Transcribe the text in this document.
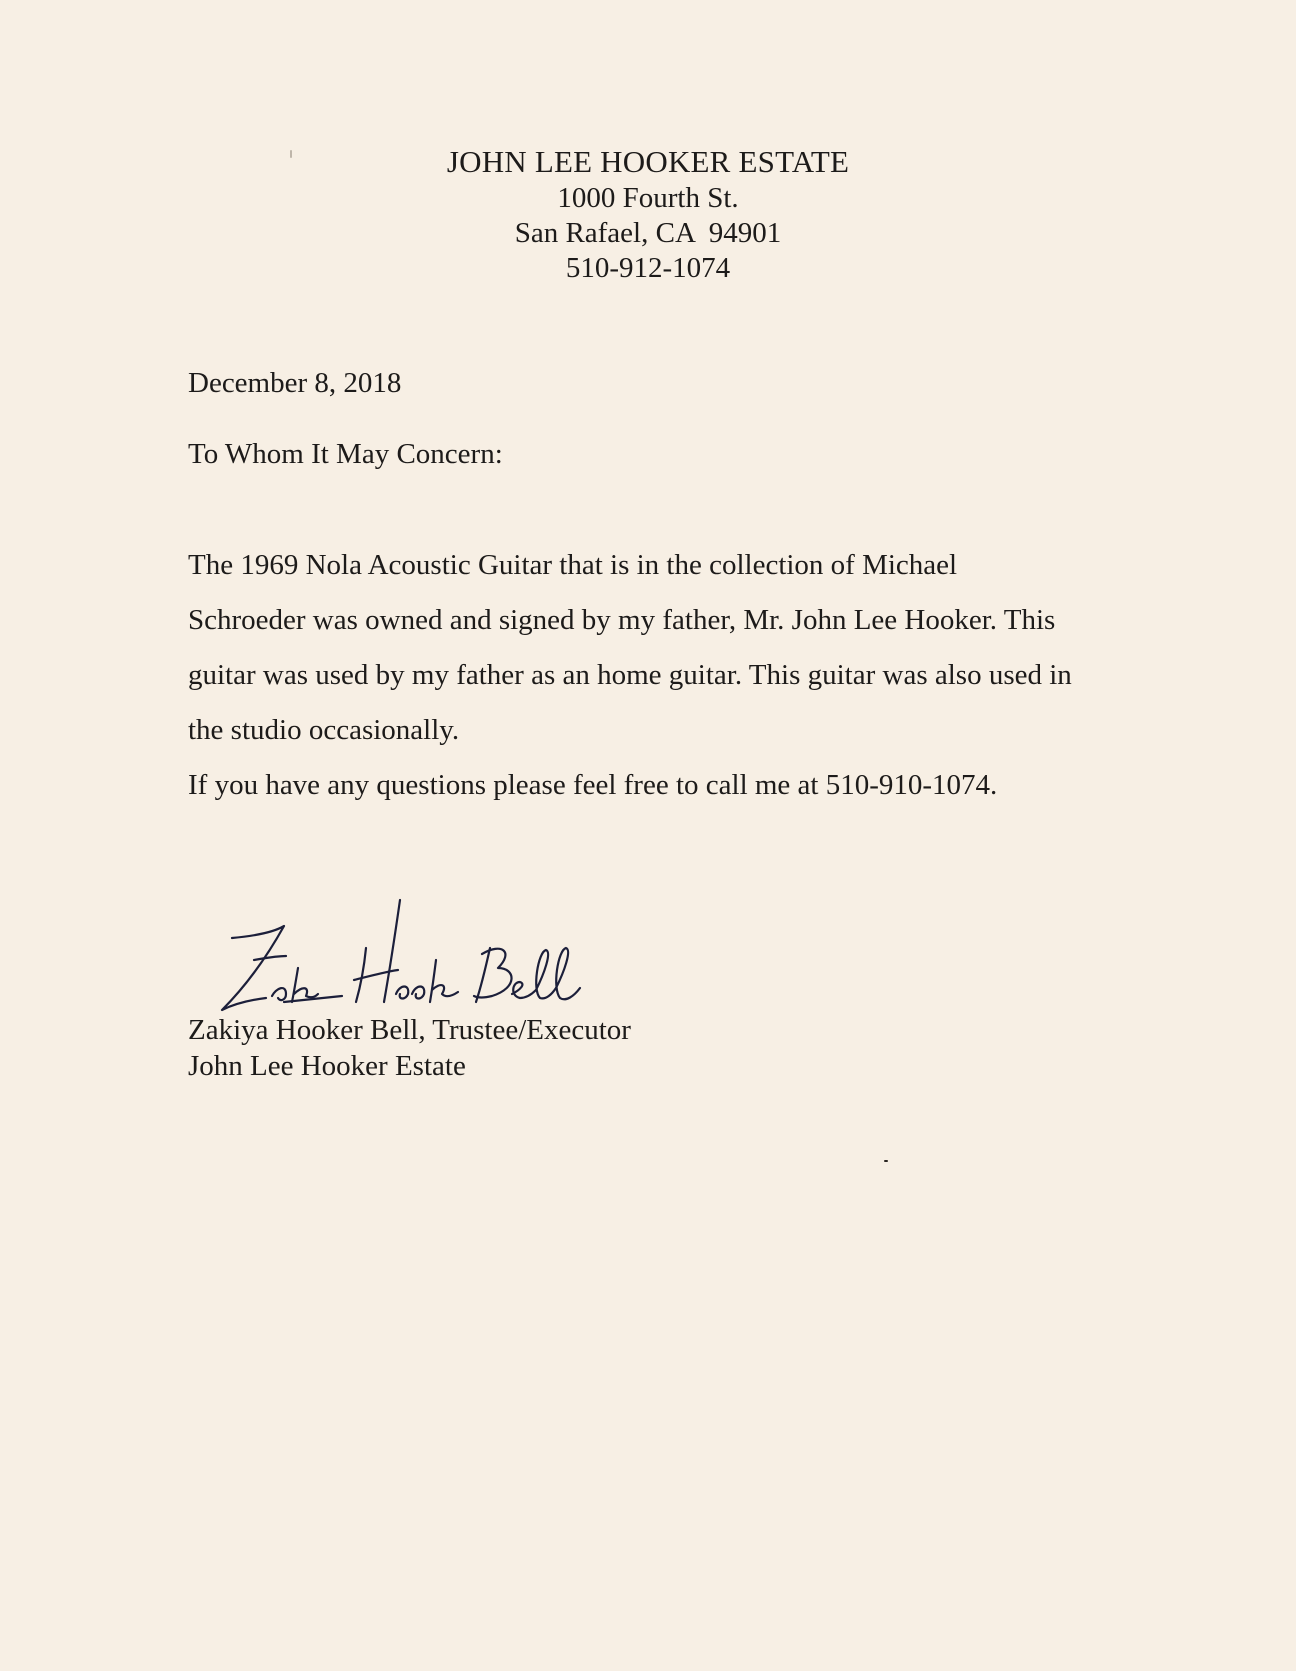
JOHN LEE HOOKER ESTATE
1000 Fourth St.
San Rafael, CA  94901
510-912-1074
December 8, 2018
To Whom It May Concern:
The 1969 Nola Acoustic Guitar that is in the collection of Michael
Schroeder was owned and signed by my father, Mr. John Lee Hooker. This
guitar was used by my father as an home guitar. This guitar was also used in
the studio occasionally.
If you have any questions please feel free to call me at 510-910-1074.
Zakiya Hooker Bell, Trustee/Executor
John Lee Hooker Estate
